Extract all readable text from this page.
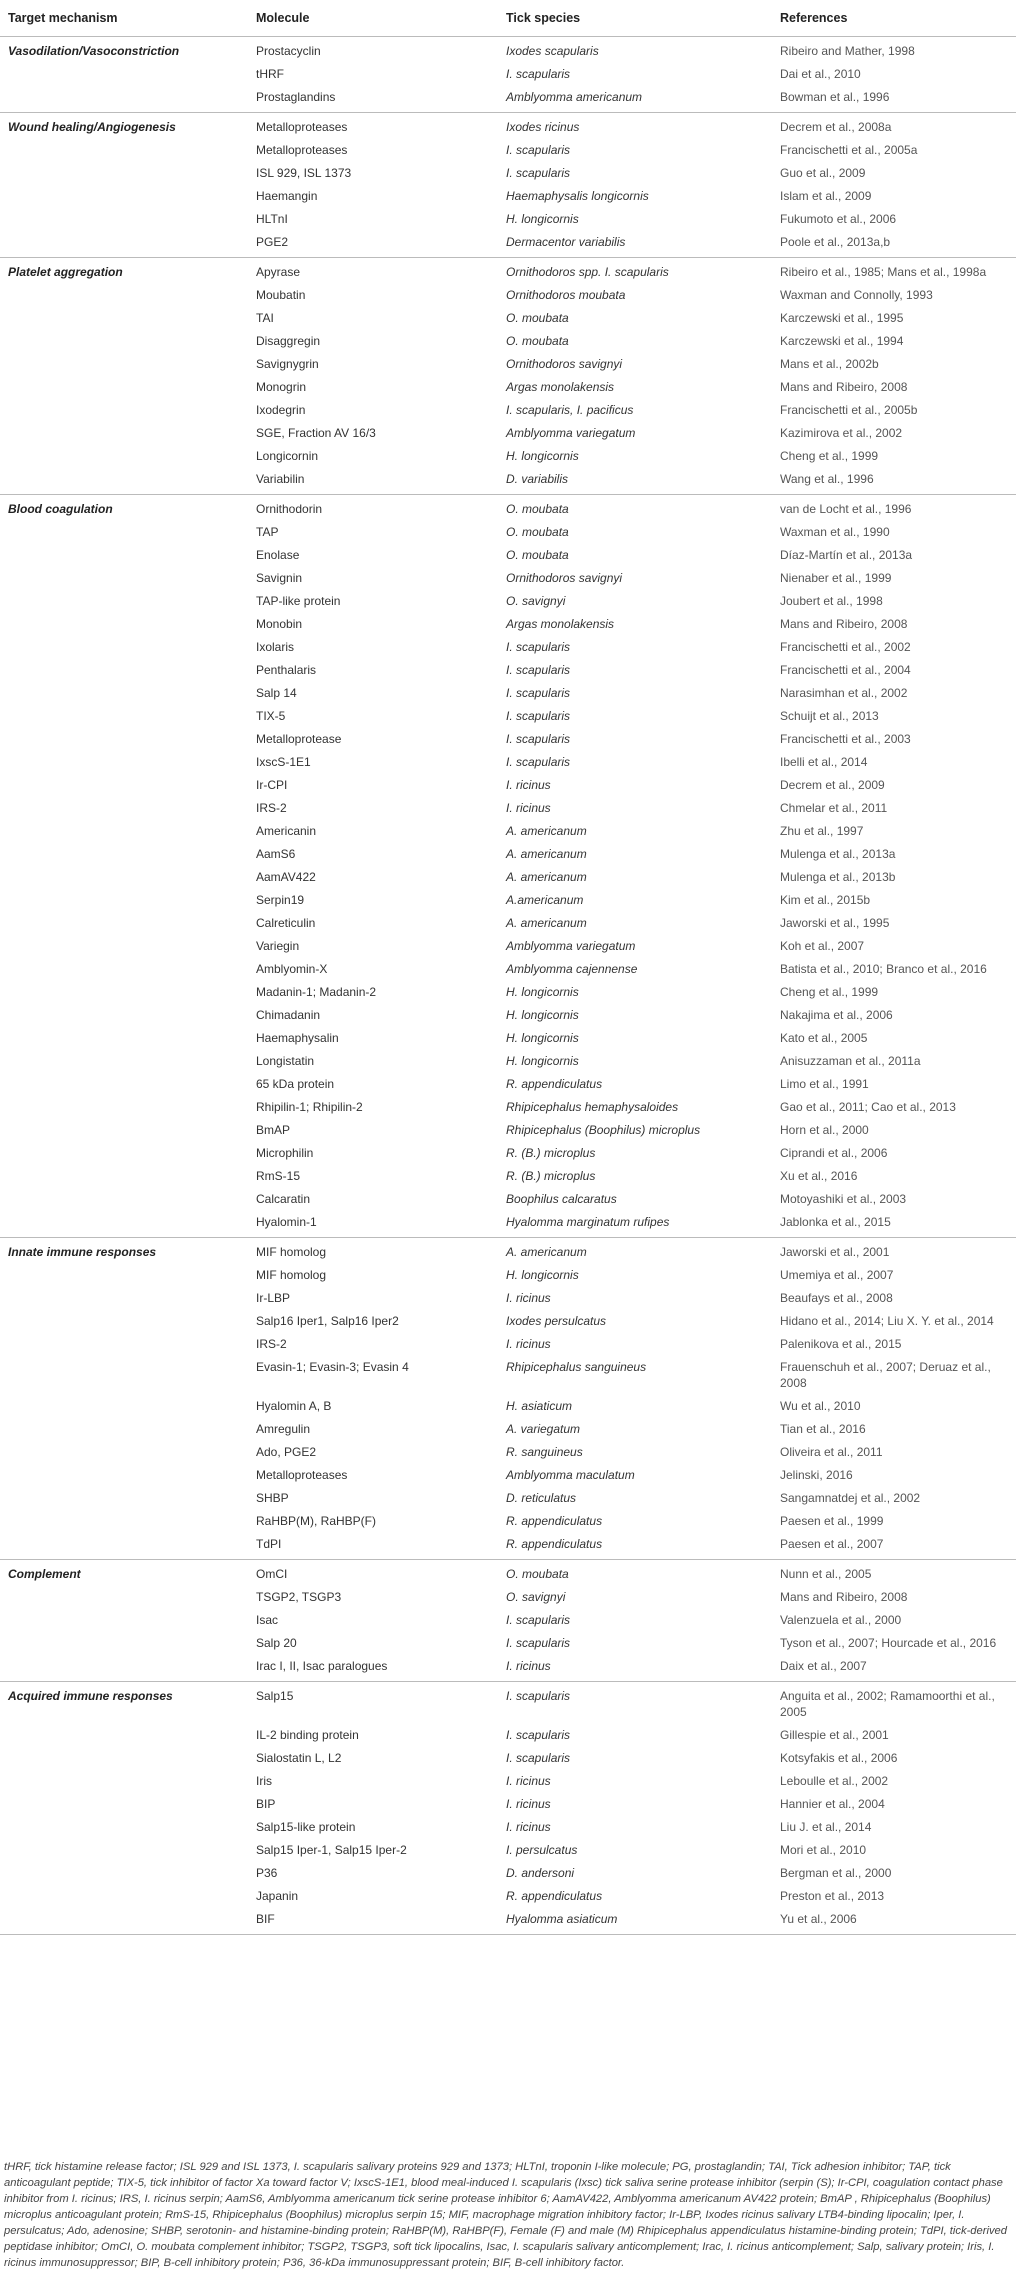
Target mechanism	Molecule	Tick species	References
Vasodilation/Vasoconstriction	Prostacyclin	Ixodes scapularis	Ribeiro and Mather, 1998
	tHRF	I. scapularis	Dai et al., 2010
	Prostaglandins	Amblyomma americanum	Bowman et al., 1996
Wound healing/Angiogenesis	Metalloproteases	Ixodes ricinus	Decrem et al., 2008a
	Metalloproteases	I. scapularis	Francischetti et al., 2005a
	ISL 929, ISL 1373	I. scapularis	Guo et al., 2009
	Haemangin	Haemaphysalis longicornis	Islam et al., 2009
	HLTnI	H. longicornis	Fukumoto et al., 2006
	PGE2	Dermacentor variabilis	Poole et al., 2013a,b
Platelet aggregation	Apyrase	Ornithodoros spp. I. scapularis	Ribeiro et al., 1985; Mans et al., 1998a
	Moubatin	Ornithodoros moubata	Waxman and Connolly, 1993
	TAI	O. moubata	Karczewski et al., 1995
	Disaggregin	O. moubata	Karczewski et al., 1994
	Savignygrin	Ornithodoros savignyi	Mans et al., 2002b
	Monogrin	Argas monolakensis	Mans and Ribeiro, 2008
	Ixodegrin	I. scapularis, I. pacificus	Francischetti et al., 2005b
	SGE, Fraction AV 16/3	Amblyomma variegatum	Kazimirova et al., 2002
	Longicornin	H. longicornis	Cheng et al., 1999
	Variabilin	D. variabilis	Wang et al., 1996
Blood coagulation	Ornithodorin	O. moubata	van de Locht et al., 1996
	TAP	O. moubata	Waxman et al., 1990
	Enolase	O. moubata	Díaz-Martín et al., 2013a
	Savignin	Ornithodoros savignyi	Nienaber et al., 1999
	TAP-like protein	O. savignyi	Joubert et al., 1998
	Monobin	Argas monolakensis	Mans and Ribeiro, 2008
	Ixolaris	I. scapularis	Francischetti et al., 2002
	Penthalaris	I. scapularis	Francischetti et al., 2004
	Salp 14	I. scapularis	Narasimhan et al., 2002
	TIX-5	I. scapularis	Schuijt et al., 2013
	Metalloprotease	I. scapularis	Francischetti et al., 2003
	IxscS-1E1	I. scapularis	Ibelli et al., 2014
	Ir-CPI	I. ricinus	Decrem et al., 2009
	IRS-2	I. ricinus	Chmelar et al., 2011
	Americanin	A. americanum	Zhu et al., 1997
	AamS6	A. americanum	Mulenga et al., 2013a
	AamAV422	A. americanum	Mulenga et al., 2013b
	Serpin19	A.americanum	Kim et al., 2015b
	Calreticulin	A. americanum	Jaworski et al., 1995
	Variegin	Amblyomma variegatum	Koh et al., 2007
	Amblyomin-X	Amblyomma cajennense	Batista et al., 2010; Branco et al., 2016
	Madanin-1; Madanin-2	H. longicornis	Cheng et al., 1999
	Chimadanin	H. longicornis	Nakajima et al., 2006
	Haemaphysalin	H. longicornis	Kato et al., 2005
	Longistatin	H. longicornis	Anisuzzaman et al., 2011a
	65 kDa protein	R. appendiculatus	Limo et al., 1991
	Rhipilin-1; Rhipilin-2	Rhipicephalus hemaphysaloides	Gao et al., 2011; Cao et al., 2013
	BmAP	Rhipicephalus (Boophilus) microplus	Horn et al., 2000
	Microphilin	R. (B.) microplus	Ciprandi et al., 2006
	RmS-15	R. (B.) microplus	Xu et al., 2016
	Calcaratin	Boophilus calcaratus	Motoyashiki et al., 2003
	Hyalomin-1	Hyalomma marginatum rufipes	Jablonka et al., 2015
Innate immune responses	MIF homolog	A. americanum	Jaworski et al., 2001
	MIF homolog	H. longicornis	Umemiya et al., 2007
	Ir-LBP	I. ricinus	Beaufays et al., 2008
	Salp16 Iper1, Salp16 Iper2	Ixodes persulcatus	Hidano et al., 2014; Liu X. Y. et al., 2014
	IRS-2	I. ricinus	Palenikova et al., 2015
	Evasin-1; Evasin-3; Evasin 4	Rhipicephalus sanguineus	Frauenschuh et al., 2007; Deruaz et al., 2008
	Hyalomin A, B	H. asiaticum	Wu et al., 2010
	Amregulin	A. variegatum	Tian et al., 2016
	Ado, PGE2	R. sanguineus	Oliveira et al., 2011
	Metalloproteases	Amblyomma maculatum	Jelinski, 2016
	SHBP	D. reticulatus	Sangamnatdej et al., 2002
	RaHBP(M), RaHBP(F)	R. appendiculatus	Paesen et al., 1999
	TdPI	R. appendiculatus	Paesen et al., 2007
Complement	OmCI	O. moubata	Nunn et al., 2005
	TSGP2, TSGP3	O. savignyi	Mans and Ribeiro, 2008
	Isac	I. scapularis	Valenzuela et al., 2000
	Salp 20	I. scapularis	Tyson et al., 2007; Hourcade et al., 2016
	Irac I, II, Isac paralogues	I. ricinus	Daix et al., 2007
Acquired immune responses	Salp15	I. scapularis	Anguita et al., 2002; Ramamoorthi et al., 2005
	IL-2 binding protein	I. scapularis	Gillespie et al., 2001
	Sialostatin L, L2	I. scapularis	Kotsyfakis et al., 2006
	Iris	I. ricinus	Leboulle et al., 2002
	BIP	I. ricinus	Hannier et al., 2004
	Salp15-like protein	I. ricinus	Liu J. et al., 2014
	Salp15 Iper-1, Salp15 Iper-2	I. persulcatus	Mori et al., 2010
	P36	D. andersoni	Bergman et al., 2000
	Japanin	R. appendiculatus	Preston et al., 2013
	BIF	Hyalomma asiaticum	Yu et al., 2006
tHRF, tick histamine release factor; ISL 929 and ISL 1373, I. scapularis salivary proteins 929 and 1373; HLTnI, troponin I-like molecule; PG, prostaglandin; TAI, Tick adhesion inhibitor; TAP, tick anticoagulant peptide; TIX-5, tick inhibitor of factor Xa toward factor V; IxscS-1E1, blood meal-induced I. scapularis (Ixsc) tick saliva serine protease inhibitor (serpin (S); Ir-CPI, coagulation contact phase inhibitor from I. ricinus; IRS, I. ricinus serpin; AamS6, Amblyomma americanum tick serine protease inhibitor 6; AamAV422, Amblyomma americanum AV422 protein; BmAP , Rhipicephalus (Boophilus) microplus anticoagulant protein; RmS-15, Rhipicephalus (Boophilus) microplus serpin 15; MIF, macrophage migration inhibitory factor; Ir-LBP, Ixodes ricinus salivary LTB4-binding lipocalin; Iper, I. persulcatus; Ado, adenosine; SHBP, serotonin- and histamine-binding protein; RaHBP(M), RaHBP(F), Female (F) and male (M) Rhipicephalus appendiculatus histamine-binding protein; TdPI, tick-derived peptidase inhibitor; OmCI, O. moubata complement inhibitor; TSGP2, TSGP3, soft tick lipocalins, Isac, I. scapularis salivary anticomplement; Irac, I. ricinus anticomplement; Salp, salivary protein; Iris, I. ricinus immunosuppressor; BIP, B-cell inhibitory protein; P36, 36-kDa immunosuppressant protein; BIF, B-cell inhibitory factor.
